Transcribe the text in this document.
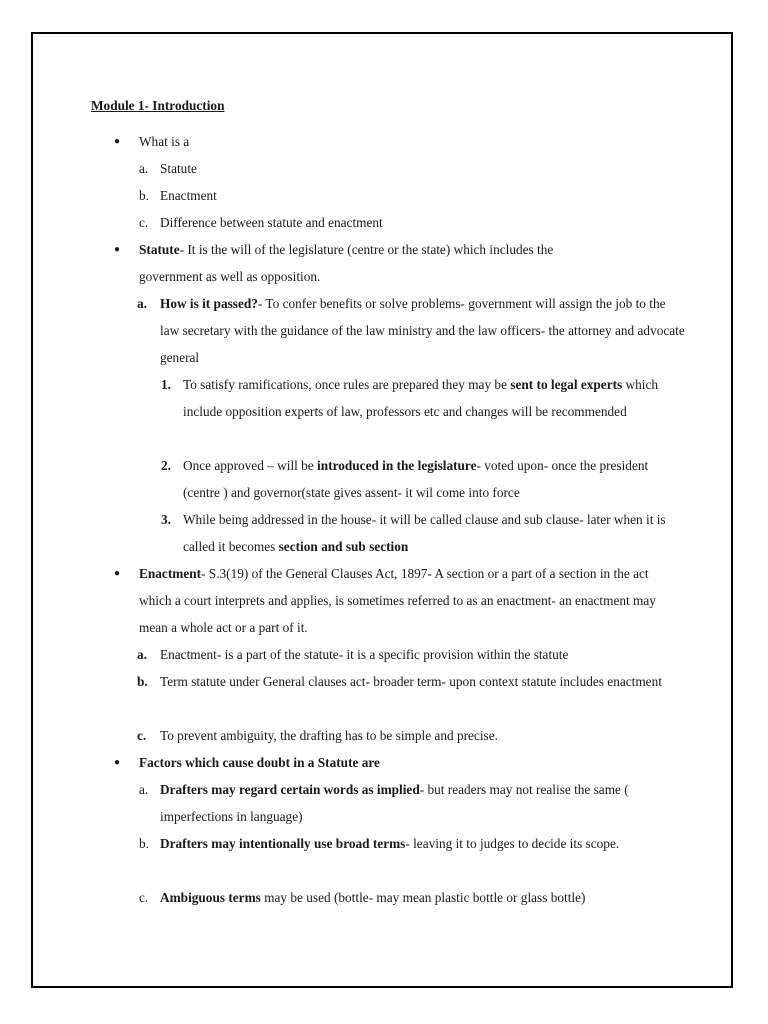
Module 1- Introduction
● What is a
a. Statute
b. Enactment
c. Difference between statute and enactment
● Statute- It is the will of the legislature (centre or the state) which includes the government as well as opposition.
a. How is it passed?- To confer benefits or solve problems- government will assign the job to the law secretary with the guidance of the law ministry and the law officers- the attorney and advocate general
1. To satisfy ramifications, once rules are prepared they may be sent to legal experts which include opposition experts of law, professors etc and changes will be recommended
2. Once approved – will be introduced in the legislature- voted upon- once the president (centre ) and governor(state gives assent- it wil come into force
3. While being addressed in the house- it will be called clause and sub clause- later when it is called it becomes section and sub section
● Enactment- S.3(19) of the General Clauses Act, 1897- A section or a part of a section in the act which a court interprets and applies, is sometimes referred to as an enactment- an enactment may mean a whole act or a part of it.
a. Enactment- is a part of the statute- it is a specific provision within the statute
b. Term statute under General clauses act- broader term- upon context statute includes enactment
c. To prevent ambiguity, the drafting has to be simple and precise.
● Factors which cause doubt in a Statute are
a. Drafters may regard certain words as implied- but readers may not realise the same ( imperfections in language)
b. Drafters may intentionally use broad terms- leaving it to judges to decide its scope.
c. Ambiguous terms may be used (bottle- may mean plastic bottle or glass bottle)
